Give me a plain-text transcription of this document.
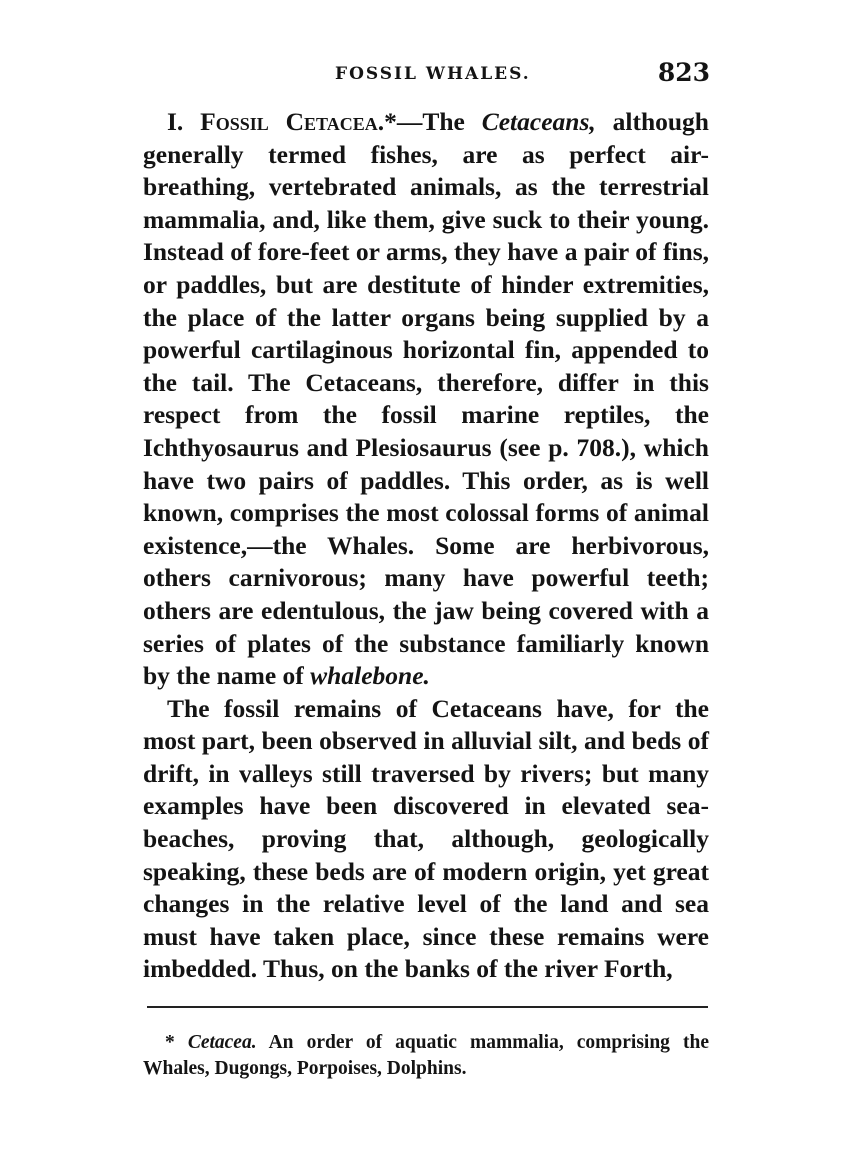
FOSSIL WHALES.	823

I. Fossil Cetacea.*—The Cetaceans, although generally termed fishes, are as perfect air-breathing, vertebrated animals, as the terrestrial mammalia, and, like them, give suck to their young. Instead of fore-feet or arms, they have a pair of fins, or paddles, but are destitute of hinder extremities, the place of the latter organs being supplied by a powerful cartilaginous horizontal fin, appended to the tail. The Cetaceans, therefore, differ in this respect from the fossil marine reptiles, the Ichthyosaurus and Plesiosaurus (see p. 708.), which have two pairs of paddles. This order, as is well known, comprises the most colossal forms of animal existence,—the Whales. Some are herbivorous, others carnivorous; many have powerful teeth; others are edentulous, the jaw being covered with a series of plates of the substance familiarly known by the name of whalebone.

The fossil remains of Cetaceans have, for the most part, been observed in alluvial silt, and beds of drift, in valleys still traversed by rivers; but many examples have been discovered in elevated sea-beaches, proving that, although, geologically speaking, these beds are of modern origin, yet great changes in the relative level of the land and sea must have taken place, since these remains were imbedded. Thus, on the banks of the river Forth,

* Cetacea. An order of aquatic mammalia, comprising the Whales, Dugongs, Porpoises, Dolphins.
